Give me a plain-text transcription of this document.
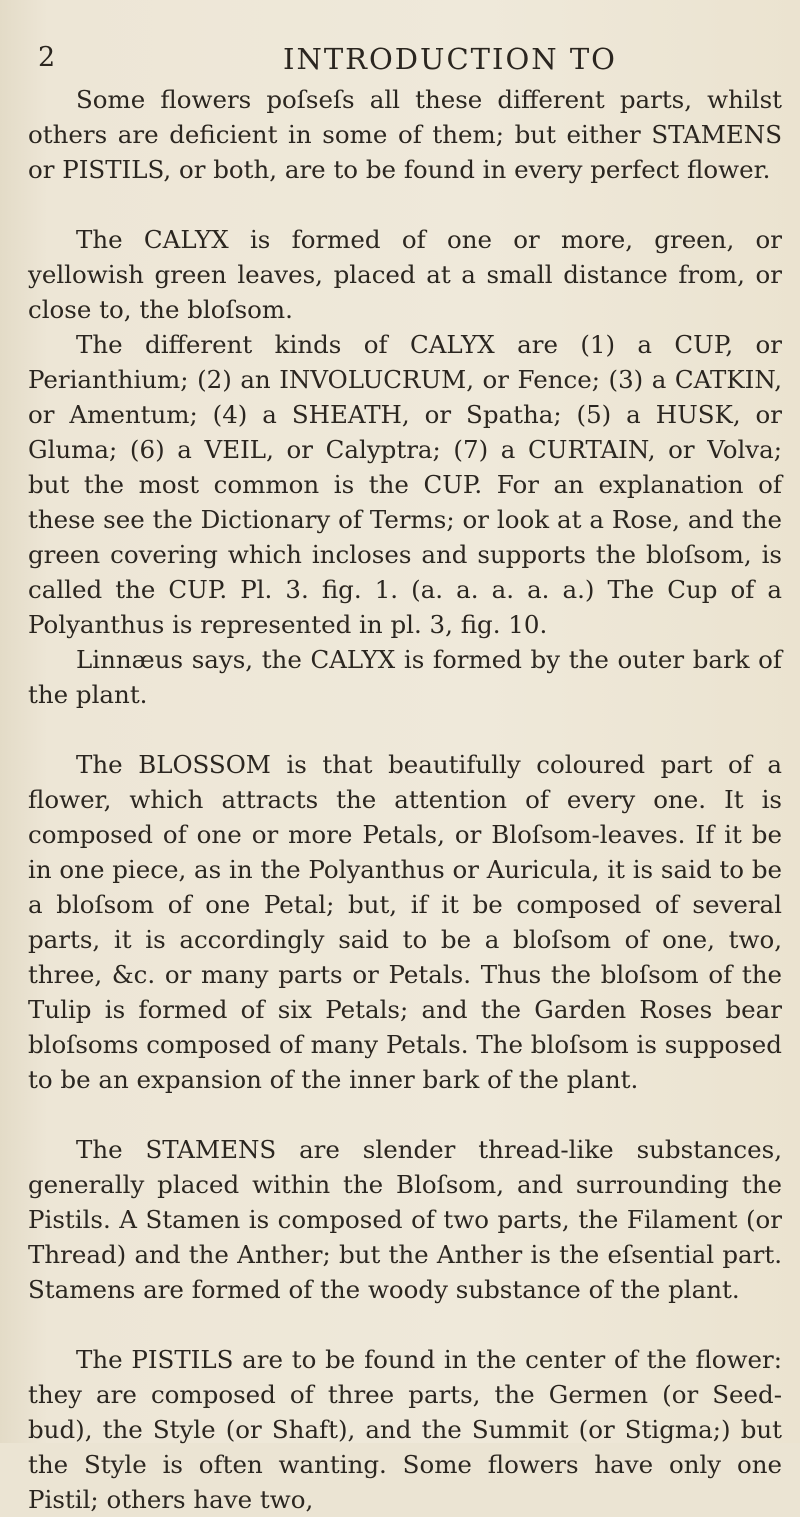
2	INTRODUCTION TO

Some flowers poſseſs all these different parts, whilst others are deficient in some of them; but either STAMENS or PISTILS, or both, are to be found in every perfect flower.

The CALYX is formed of one or more, green, or yellowish green leaves, placed at a small distance from, or close to, the bloſsom.

The different kinds of CALYX are (1) a CUP, or Perianthium; (2) an INVOLUCRUM, or Fence; (3) a CATKIN, or Amentum; (4) a SHEATH, or Spatha; (5) a HUSK, or Gluma; (6) a VEIL, or Calyptra; (7) a CURTAIN, or Volva; but the most common is the CUP. For an explanation of these see the Dictionary of Terms; or look at a Rose, and the green covering which incloses and supports the bloſsom, is called the CUP. Pl. 3. fig. 1. (a. a. a. a. a.) The Cup of a Polyanthus is represented in pl. 3, fig. 10.

Linnæus says, the CALYX is formed by the outer bark of the plant.

The BLOSSOM is that beautifully coloured part of a flower, which attracts the attention of every one. It is composed of one or more Petals, or Bloſsom-leaves. If it be in one piece, as in the Polyanthus or Auricula, it is said to be a bloſsom of one Petal; but, if it be composed of several parts, it is accordingly said to be a bloſsom of one, two, three, &c. or many parts or Petals. Thus the bloſsom of the Tulip is formed of six Petals; and the Garden Roses bear bloſsoms composed of many Petals. The bloſsom is supposed to be an expansion of the inner bark of the plant.

The STAMENS are slender thread-like substances, generally placed within the Bloſsom, and surrounding the Pistils. A Stamen is composed of two parts, the Filament (or Thread) and the Anther; but the Anther is the eſsential part. Stamens are formed of the woody substance of the plant.

The PISTILS are to be found in the center of the flower: they are composed of three parts, the Germen (or Seed-bud), the Style (or Shaft), and the Summit (or Stigma;) but the Style is often wanting. Some flowers have only one Pistil; others have two,
